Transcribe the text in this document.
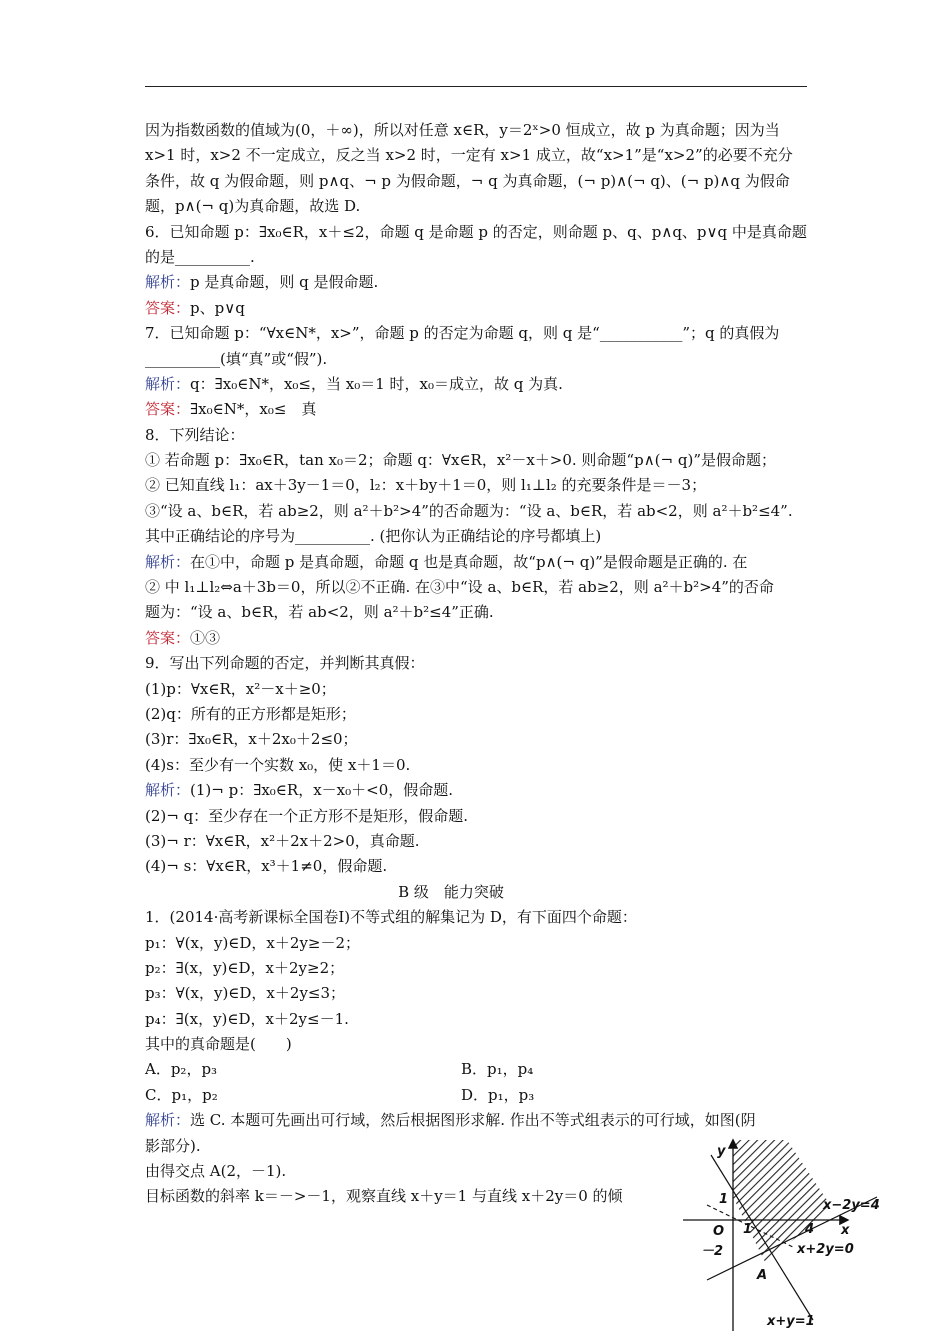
因为指数函数的值域为(0，＋∞)，所以对任意 x∈R，y＝2ˣ>0 恒成立，故 p 为真命题；因为当
x>1 时，x>2 不一定成立，反之当 x>2 时，一定有 x>1 成立，故“x>1”是“x>2”的必要不充分
条件，故 q 为假命题，则 p∧q、¬ p 为假命题，¬ q 为真命题，(¬ p)∧(¬ q)、(¬ p)∧q 为假命
题，p∧(¬ q)为真命题，故选 D.
6．已知命题 p：∃x₀∈R，x＋≤2，命题 q 是命题 p 的否定，则命题 p、q、p∧q、p∨q 中是真命题
的是__________.
解析：p 是真命题，则 q 是假命题.
答案：p、p∨q
7．已知命题 p：“∀x∈N*，x>”，命题 p 的否定为命题 q，则 q 是“___________”；q 的真假为
__________(填“真”或“假”).
解析：q：∃x₀∈N*，x₀≤，当 x₀＝1 时，x₀＝成立，故 q 为真.
答案：∃x₀∈N*，x₀≤　真
8．下列结论：
① 若命题 p：∃x₀∈R，tan x₀＝2；命题 q：∀x∈R，x²－x＋>0. 则命题“p∧(¬ q)”是假命题；
② 已知直线 l₁：ax＋3y－1＝0，l₂：x＋by＋1＝0，则 l₁⊥l₂ 的充要条件是＝－3；
③“设 a、b∈R，若 ab≥2，则 a²＋b²>4”的否命题为：“设 a、b∈R，若 ab<2，则 a²＋b²≤4”.
其中正确结论的序号为__________. (把你认为正确结论的序号都填上)
解析：在①中，命题 p 是真命题，命题 q 也是真命题，故“p∧(¬ q)”是假命题是正确的. 在
② 中 l₁⊥l₂⇔a＋3b＝0，所以②不正确. 在③中“设 a、b∈R，若 ab≥2，则 a²＋b²>4”的否命
题为：“设 a、b∈R，若 ab<2，则 a²＋b²≤4”正确.
答案：①③
9．写出下列命题的否定，并判断其真假：
(1)p：∀x∈R，x²－x＋≥0；
(2)q：所有的正方形都是矩形；
(3)r：∃x₀∈R，x＋2x₀＋2≤0；
(4)s：至少有一个实数 x₀，使 x＋1＝0.
解析：(1)¬ p：∃x₀∈R，x－x₀＋<0，假命题.
(2)¬ q：至少存在一个正方形不是矩形，假命题.
(3)¬ r：∀x∈R，x²＋2x＋2>0，真命题.
(4)¬ s：∀x∈R，x³＋1≠0，假命题.
B 级　能力突破
1．(2014·高考新课标全国卷Ⅰ)不等式组的解集记为 D，有下面四个命题：
p₁：∀(x，y)∈D，x＋2y≥－2；
p₂：∃(x，y)∈D，x＋2y≥2；
p₃：∀(x，y)∈D，x＋2y≤3；
p₄：∃(x，y)∈D，x＋2y≤－1.
其中的真命题是(　　)
A．p₂，p₃	B．p₁，p₄
C．p₁，p₂	D．p₁，p₃
解析：选 C. 本题可先画出可行域，然后根据图形求解. 作出不等式组表示的可行域，如图(阴
影部分).
由得交点 A(2，－1).
目标函数的斜率 k＝－>－1，观察直线 x＋y＝1 与直线 x＋2y＝0 的倾
y
x
O
1
1	4
－2
A
x−2y=4
x+2y=0
x+y=1
